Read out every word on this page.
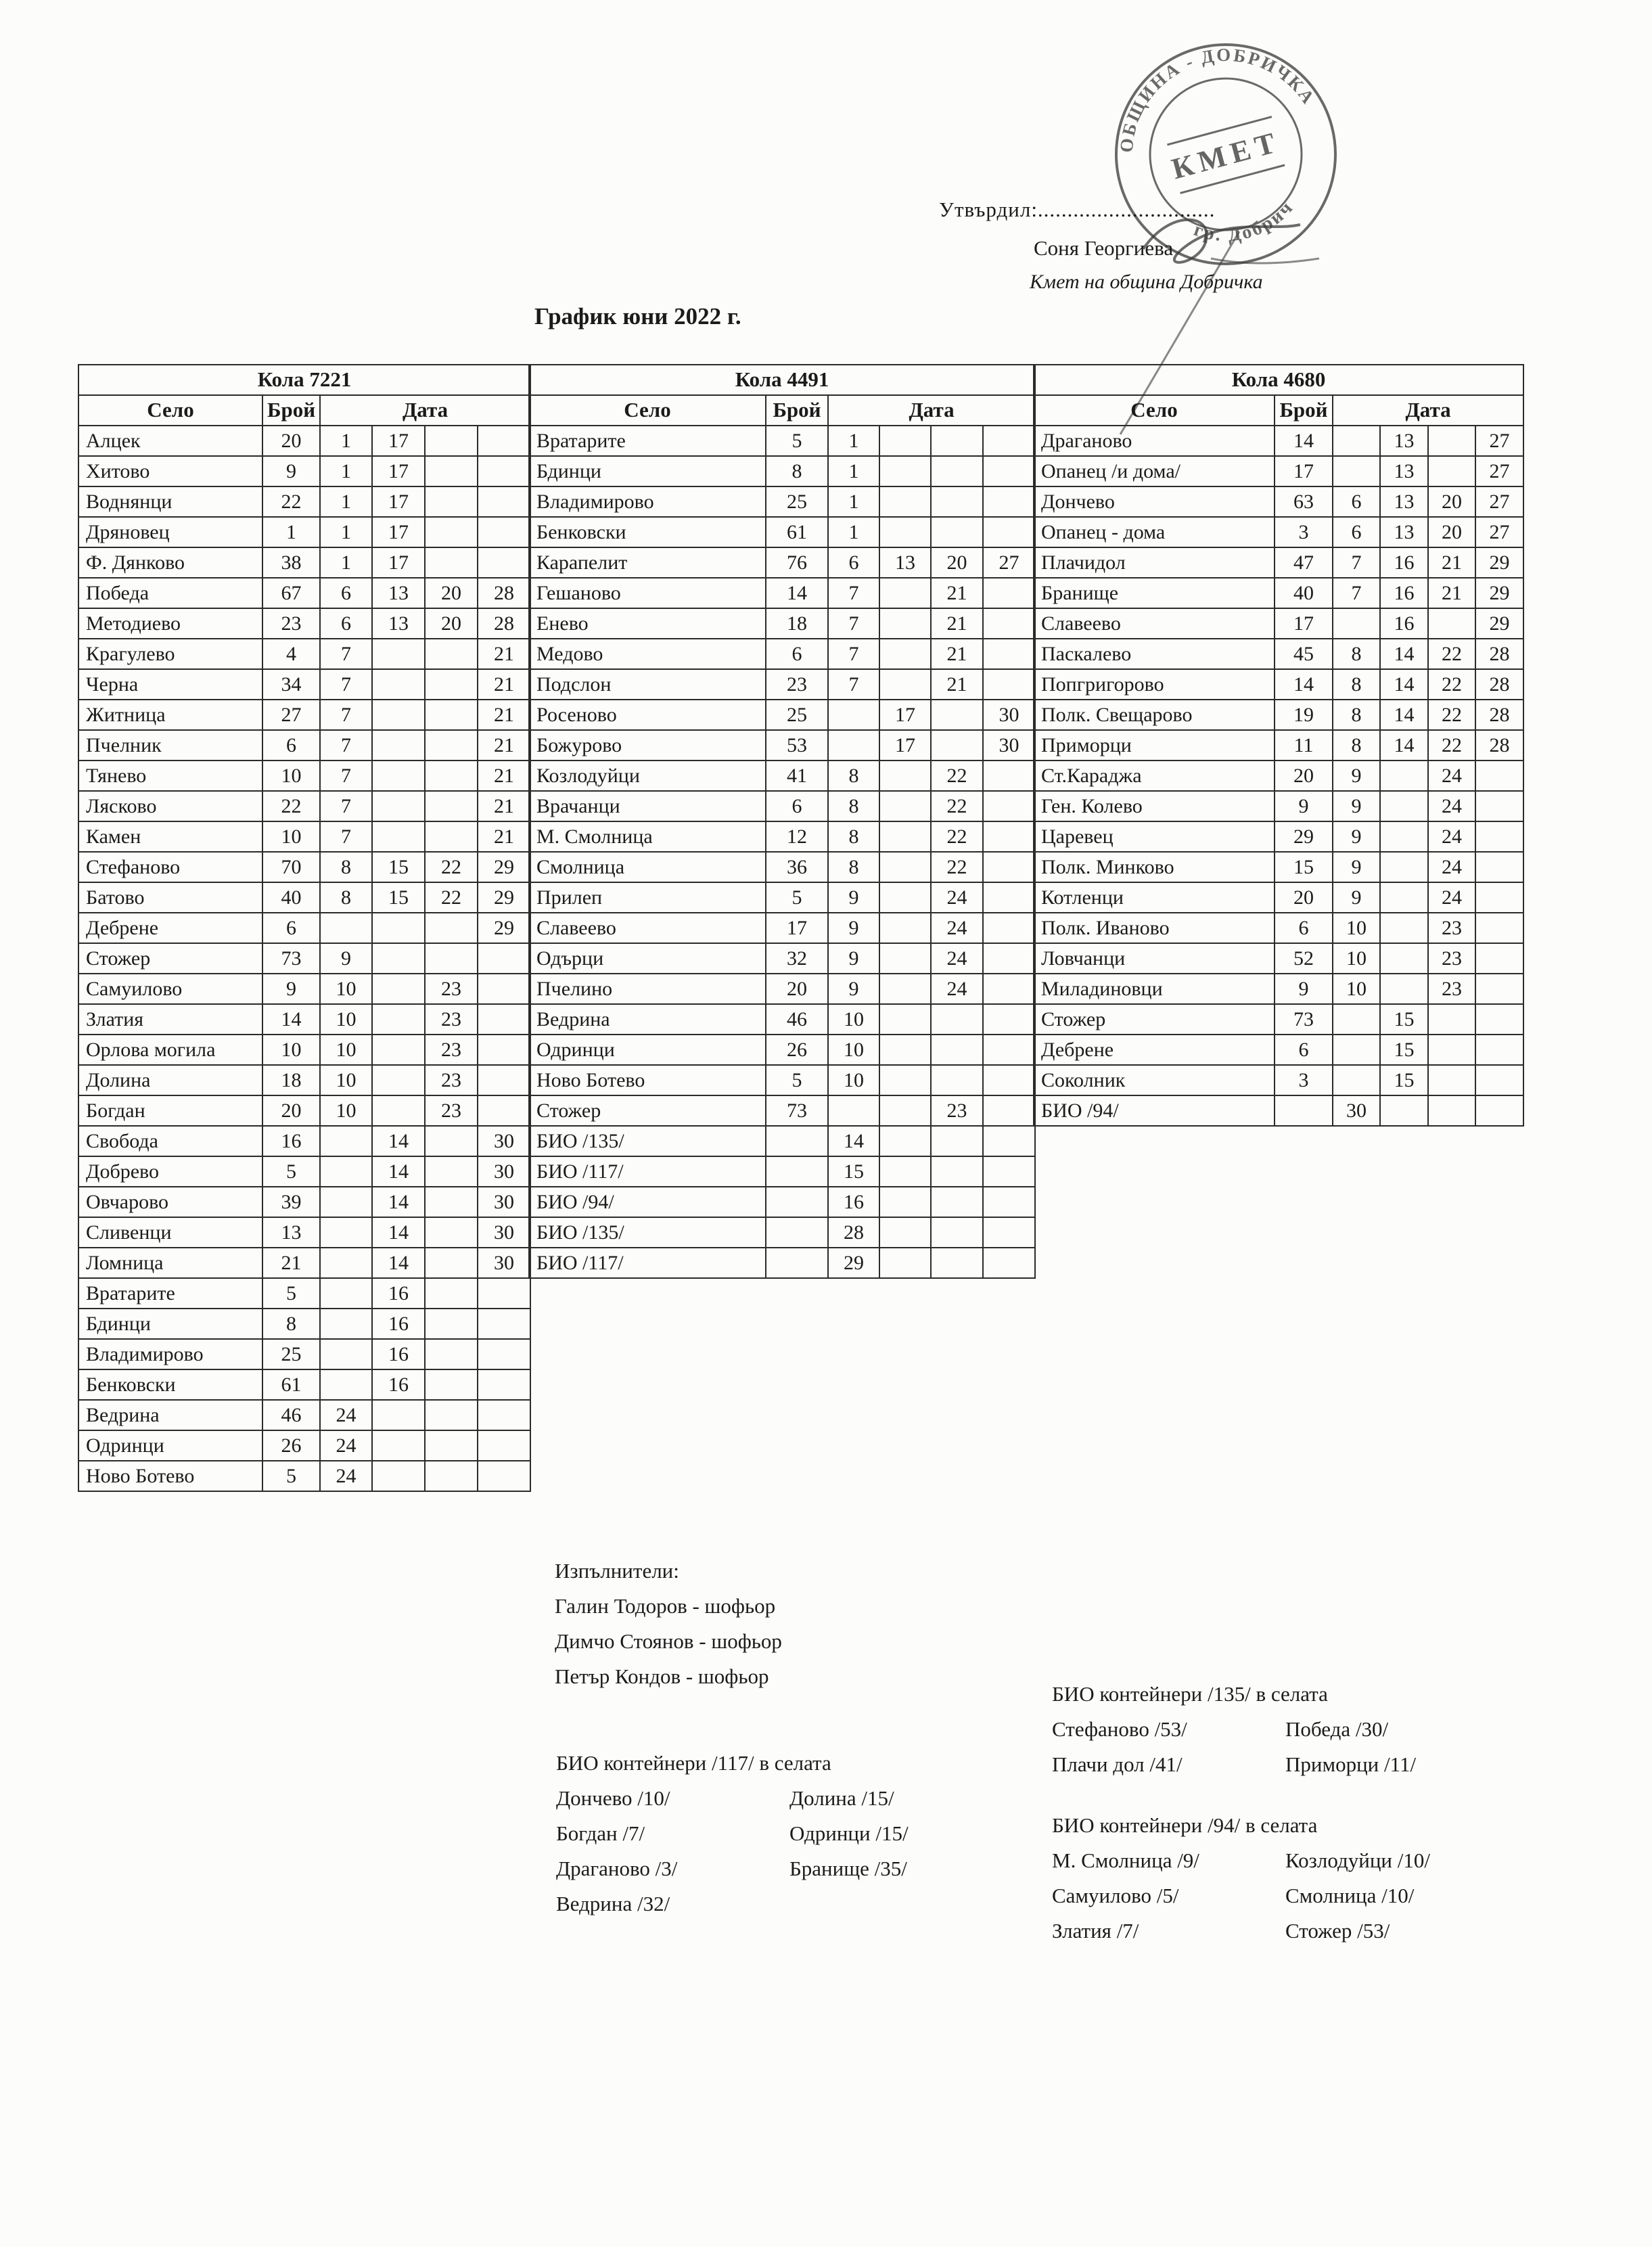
ОБЩИНА - ДОБРИЧКА
гр. Добрич
КМЕТ
Утвърдил:..............................
Соня Георгиева
Кмет на община Добричка
График юни 2022 г.
Кола 7221					
Село	Брой	Дата			
Алцек	20	1	17		
Хитово	9	1	17		
Воднянци	22	1	17		
Дряновец	1	1	17		
Ф. Дянково	38	1	17		
Победа	67	6	13	20	28
Методиево	23	6	13	20	28
Крагулево	4	7			21
Черна	34	7			21
Житница	27	7			21
Пчелник	6	7			21
Тянево	10	7			21
Лясково	22	7			21
Камен	10	7			21
Стефаново	70	8	15	22	29
Батово	40	8	15	22	29
Дебрене	6				29
Стожер	73	9			
Самуилово	9	10		23	
Златия	14	10		23	
Орлова могила	10	10		23	
Долина	18	10		23	
Богдан	20	10		23	
Свобода	16		14		30
Добрево	5		14		30
Овчарово	39		14		30
Сливенци	13		14		30
Ломница	21		14		30
Вратарите	5		16		
Бдинци	8		16		
Владимирово	25		16		
Бенковски	61		16		
Ведрина	46	24			
Одринци	26	24			
Ново Ботево	5	24			
Кола 4491					
Село	Брой	Дата			
Вратарите	5	1			
Бдинци	8	1			
Владимирово	25	1			
Бенковски	61	1			
Карапелит	76	6	13	20	27
Гешаново	14	7		21	
Енево	18	7		21	
Медово	6	7		21	
Подслон	23	7		21	
Росеново	25		17		30
Божурово	53		17		30
Козлодуйци	41	8		22	
Врачанци	6	8		22	
М. Смолница	12	8		22	
Смолница	36	8		22	
Прилеп	5	9		24	
Славеево	17	9		24	
Одърци	32	9		24	
Пчелино	20	9		24	
Ведрина	46	10			
Одринци	26	10			
Ново Ботево	5	10			
Стожер	73			23	
БИО /135/		14			
БИО /117/		15			
БИО /94/		16			
БИО /135/		28			
БИО /117/		29			
Кола 4680					
Село	Брой	Дата			
Драганово	14		13		27
Опанец /и дома/	17		13		27
Дончево	63	6	13	20	27
Опанец - дома	3	6	13	20	27
Плачидол	47	7	16	21	29
Бранище	40	7	16	21	29
Славеево	17		16		29
Паскалево	45	8	14	22	28
Попгригорово	14	8	14	22	28
Полк. Свещарово	19	8	14	22	28
Приморци	11	8	14	22	28
Ст.Караджа	20	9		24	
Ген. Колево	9	9		24	
Царевец	29	9		24	
Полк. Минково	15	9		24	
Котленци	20	9		24	
Полк. Иваново	6	10		23	
Ловчанци	52	10		23	
Миладиновци	9	10		23	
Стожер	73		15		
Дебрене	6		15		
Соколник	3		15		
БИО /94/		30			
Изпълнители:
Галин Тодоров - шофьор
Димчо Стоянов - шофьор
Петър Кондов - шофьор
БИО контейнери /135/ в селата
Стефаново /53/	Победа /30/
Плачи дол /41/	Приморци /11/
БИО контейнери /117/ в селата
Дончево /10/	Долина /15/
Богдан /7/	Одринци /15/
Драганово /3/	Бранище /35/
Ведрина /32/
БИО контейнери /94/ в селата
М. Смолница /9/	Козлодуйци /10/
Самуилово /5/	Смолница /10/
Златия /7/	Стожер /53/
